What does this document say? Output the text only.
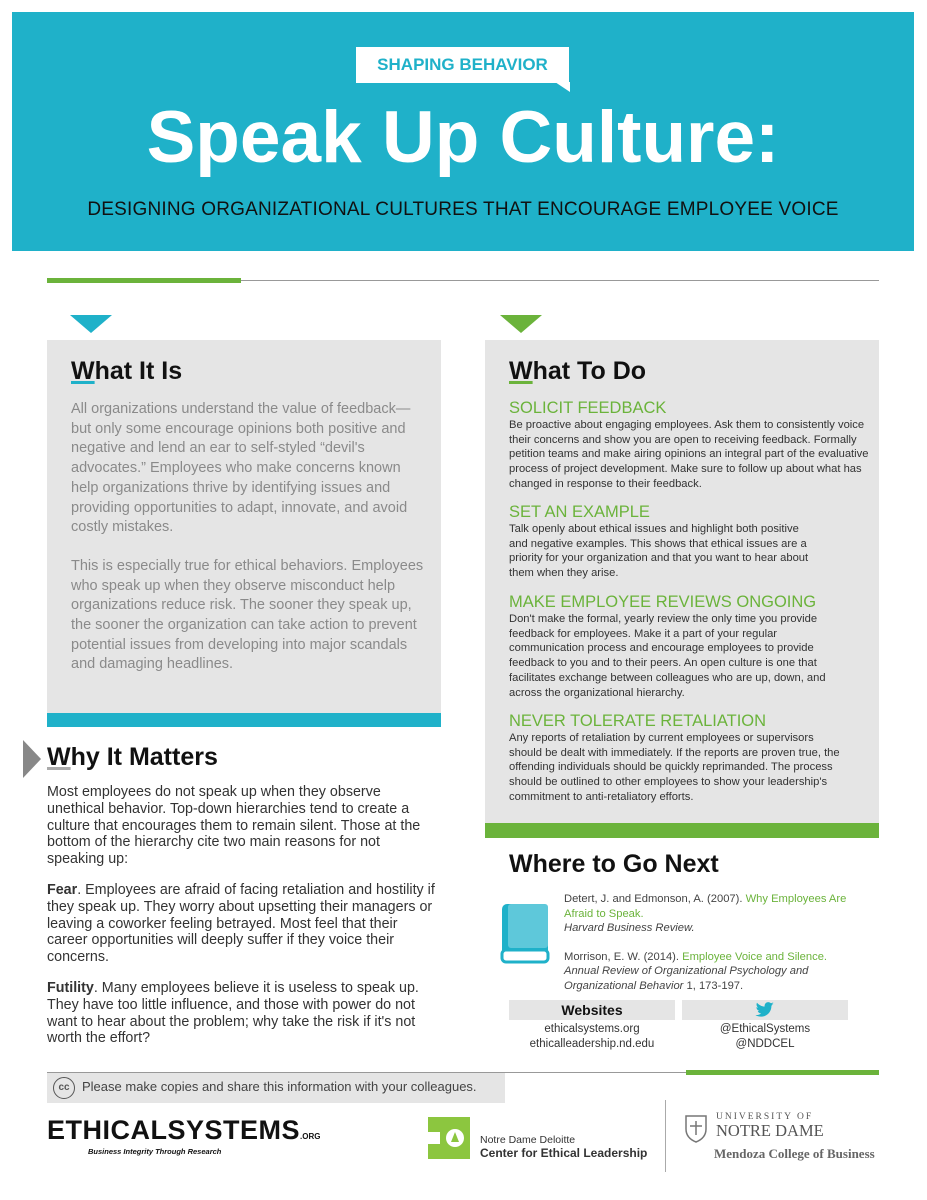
SHAPING BEHAVIOR
Speak Up Culture:
DESIGNING ORGANIZATIONAL CULTURES THAT ENCOURAGE EMPLOYEE VOICE
What It Is

All organizations understand the value of feedback—but only some encourage opinions both positive and negative and lend an ear to self-styled “devil's advocates.” Employees who make concerns known help organizations thrive by identifying issues and providing opportunities to adapt, innovate, and avoid costly mistakes.

This is especially true for ethical behaviors. Employees who speak up when they observe misconduct help organizations reduce risk. The sooner they speak up, the sooner the organization can take action to prevent potential issues from developing into major scandals and damaging headlines.

Why It Matters

Most employees do not speak up when they observe unethical behavior. Top-down hierarchies tend to create a culture that encourages them to remain silent. Those at the bottom of the hierarchy cite two main reasons for not speaking up:

Fear. Employees are afraid of facing retaliation and hostility if they speak up. They worry about upsetting their managers or leaving a coworker feeling betrayed. Most feel that their career opportunities will deeply suffer if they voice their concerns.

Futility. Many employees believe it is useless to speak up. They have too little influence, and those with power do not want to hear about the problem; why take the risk if it's not worth the effort?

What To Do
SOLICIT FEEDBACK
Be proactive about engaging employees. Ask them to consistently voice their concerns and show you are open to receiving feedback. Formally petition teams and make airing opinions an integral part of the evaluative process of project development. Make sure to follow up about what has changed in response to their feedback.
SET AN EXAMPLE
Talk openly about ethical issues and highlight both positive and negative examples. This shows that ethical issues are a priority for your organization and that you want to hear about them when they arise.
MAKE EMPLOYEE REVIEWS ONGOING
Don't make the formal, yearly review the only time you provide feedback for employees. Make it a part of your regular communication process and encourage employees to provide feedback to you and to their peers. An open culture is one that facilitates exchange between colleagues who are up, down, and across the organizational hierarchy.
NEVER TOLERATE RETALIATION
Any reports of retaliation by current employees or supervisors should be dealt with immediately. If the reports are proven true, the offending individuals should be quickly reprimanded. The process should be outlined to other employees to show your leadership's commitment to anti-retaliatory efforts.
Where to Go Next

Detert, J. and Edmonson, A. (2007). Why Employees Are Afraid to Speak.
Harvard Business Review.

Morrison, E. W. (2014). Employee Voice and Silence. Annual Review of Organizational Psychology and Organizational Behavior 1, 173-197.

Websites
ethicalsystems.org
ethicalleadership.nd.edu
@EthicalSystems
@NDDCEL
cc Please make copies and share this information with your colleagues.
ETHICALSYSTEMS.ORG
Business Integrity Through Research
Notre Dame Deloitte
Center for Ethical Leadership
UNIVERSITY OF
NOTRE DAME
Mendoza College of Business
